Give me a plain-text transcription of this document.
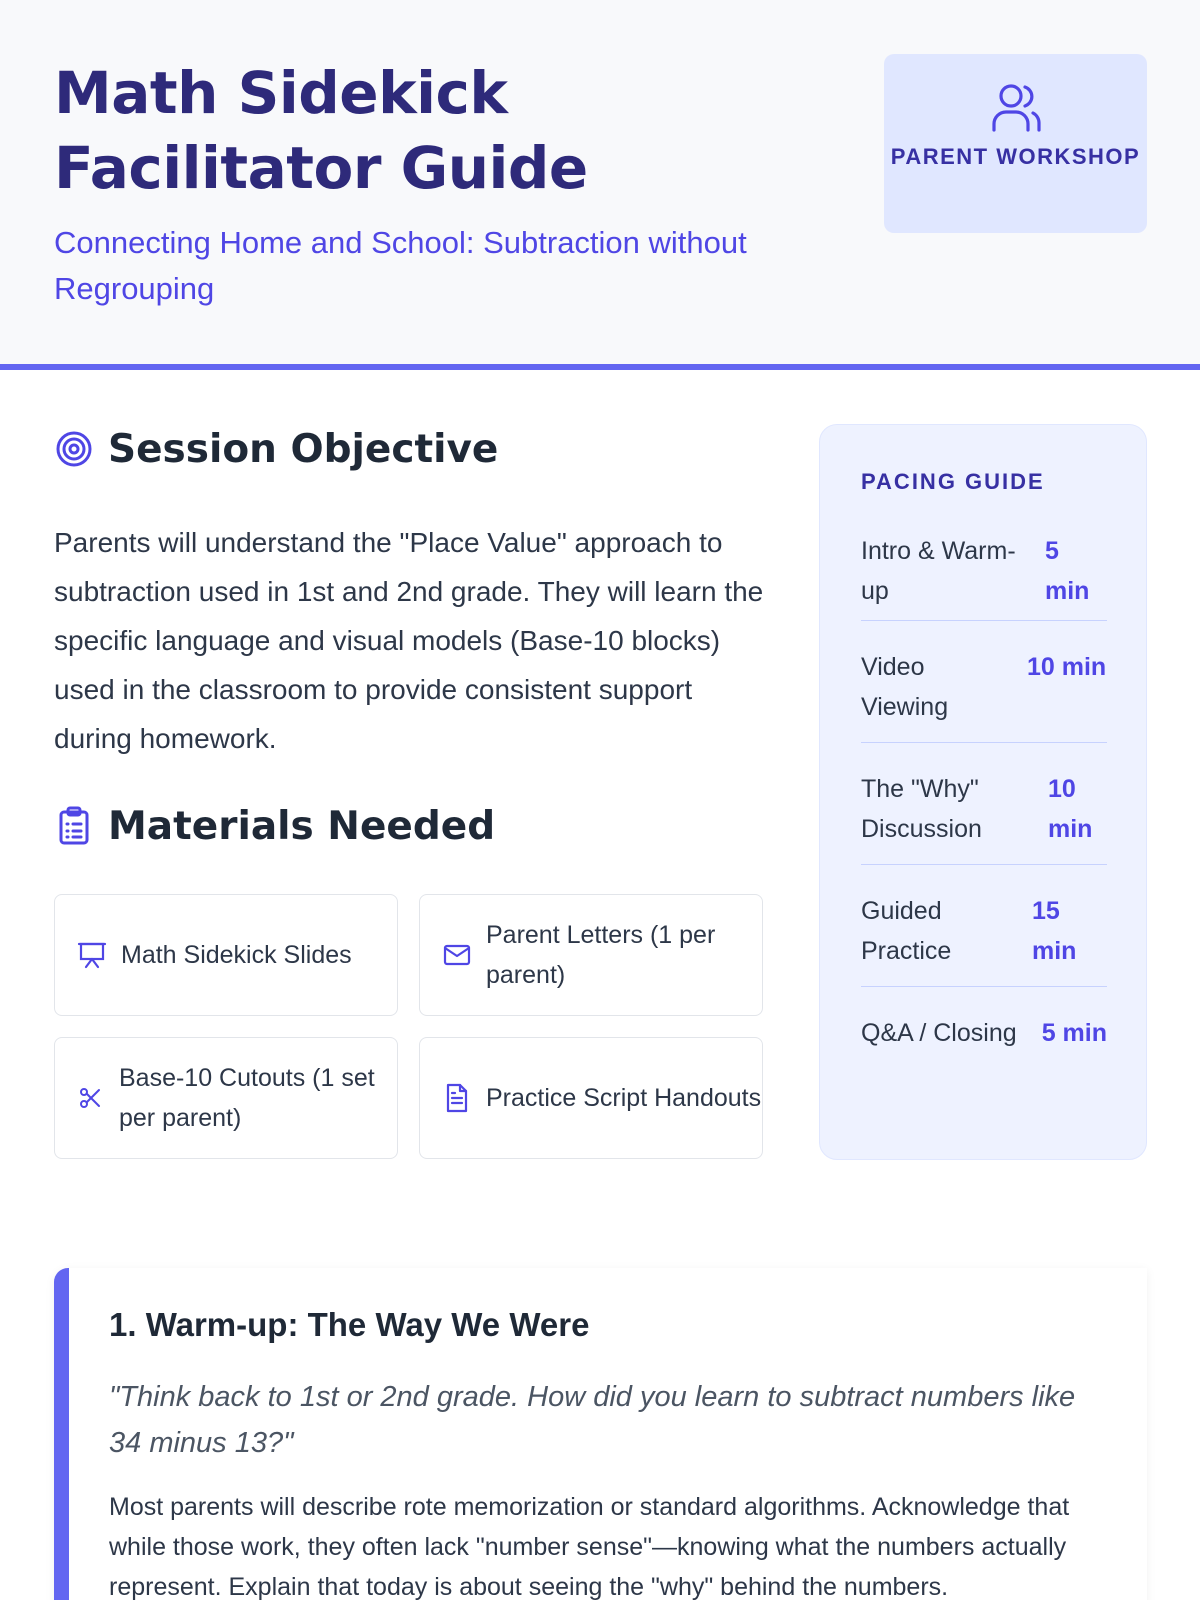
Math Sidekick Facilitator Guide
Connecting Home and School: Subtraction without Regrouping
PARENT WORKSHOP
Session Objective
Parents will understand the "Place Value" approach to subtraction used in 1st and 2nd grade. They will learn the specific language and visual models (Base-10 blocks) used in the classroom to provide consistent support during homework.
Materials Needed
Math Sidekick Slides
Parent Letters (1 per parent)
Base-10 Cutouts (1 set per parent)
Practice Script Handouts
PACING GUIDE
Intro & Warm-up
5 min
Video Viewing
10 min
The "Why" Discussion
10 min
Guided Practice
15 min
Q&A / Closing 5 min
1. Warm-up: The Way We Were
"Think back to 1st or 2nd grade. How did you learn to subtract numbers like 34 minus 13?"
Most parents will describe rote memorization or standard algorithms. Acknowledge that while those work, they often lack "number sense"—knowing what the numbers actually represent. Explain that today is about seeing the "why" behind the numbers.
